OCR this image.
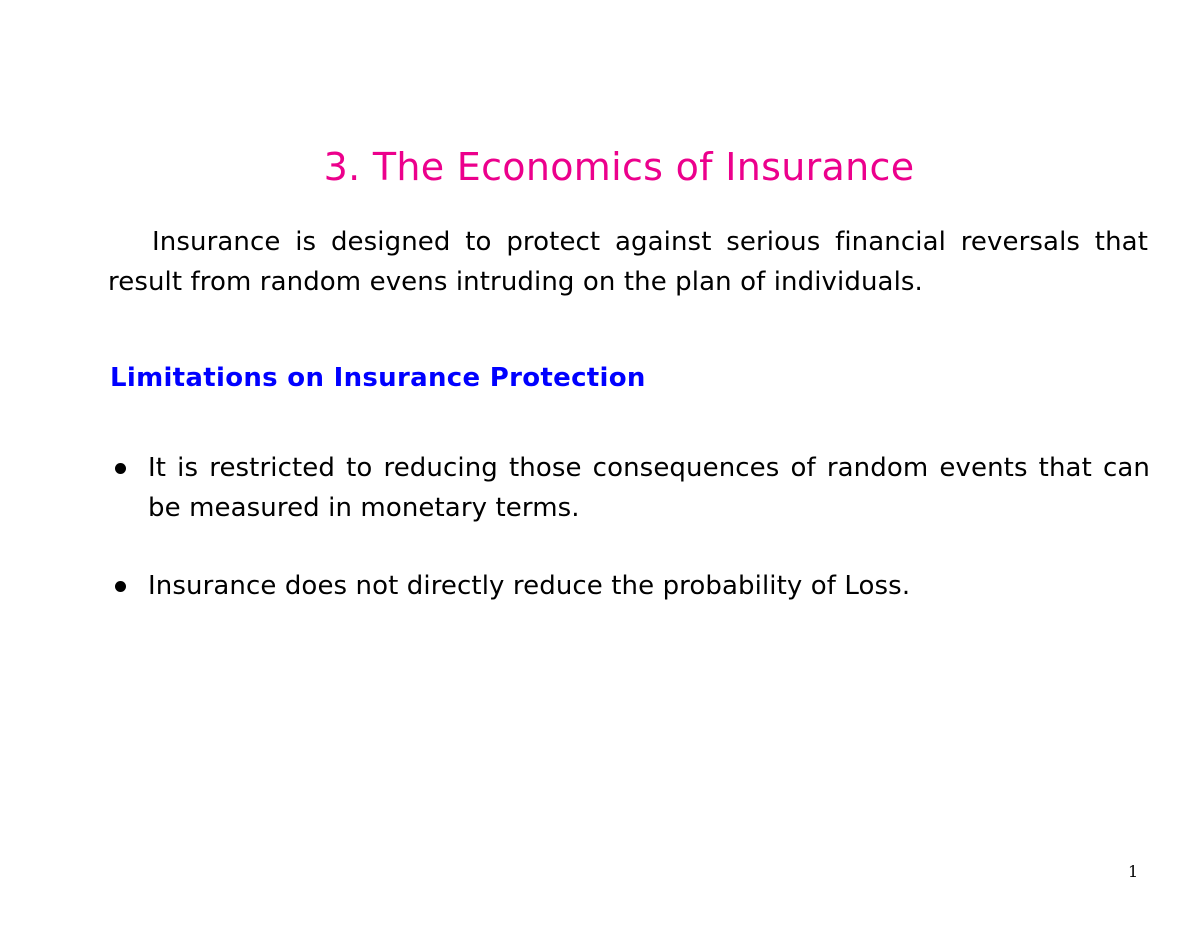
3. The Economics of Insurance

Insurance is designed to protect against serious financial reversals that result from random evens intruding on the plan of individuals.

Limitations on Insurance Protection
It is restricted to reducing those consequences of random events that can be measured in monetary terms.
Insurance does not directly reduce the probability of Loss.
1
